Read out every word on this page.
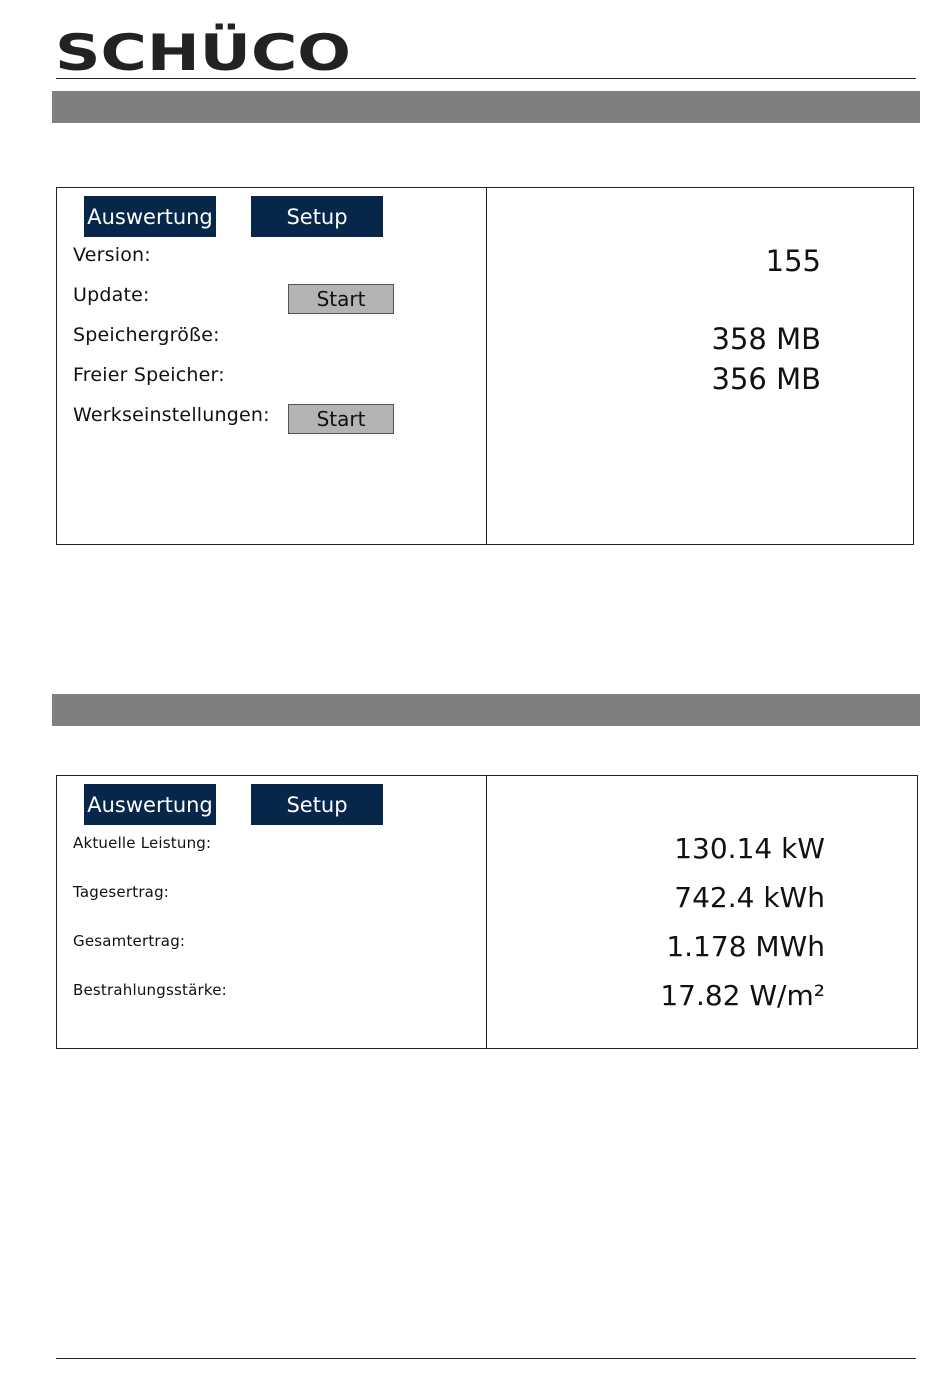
SCHÜCO
Auswertung	Setup
Version:	155
Update:	Start
Speichergröße:	358 MB
Freier Speicher:	356 MB
Werkseinstellungen:	Start
Auswertung	Setup
Aktuelle Leistung:	130.14 kW
Tagesertrag:	742.4 kWh
Gesamtertrag:	1.178 MWh
Bestrahlungsstärke:	17.82 W/m²
